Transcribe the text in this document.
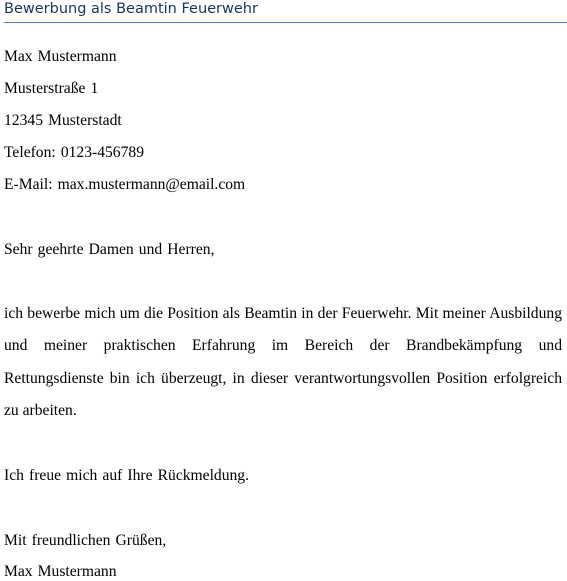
Bewerbung als Beamtin Feuerwehr
Max Mustermann
Musterstraße 1
12345 Musterstadt
Telefon: 0123-456789
E-Mail: max.mustermann@email.com
Sehr geehrte Damen und Herren,
ich bewerbe mich um die Position als Beamtin in der Feuerwehr. Mit meiner Ausbildung und meiner praktischen Erfahrung im Bereich der Brandbekämpfung und Rettungsdienste bin ich überzeugt, in dieser verantwortungsvollen Position erfolgreich zu arbeiten.
Ich freue mich auf Ihre Rückmeldung.
Mit freundlichen Grüßen,
Max Mustermann
